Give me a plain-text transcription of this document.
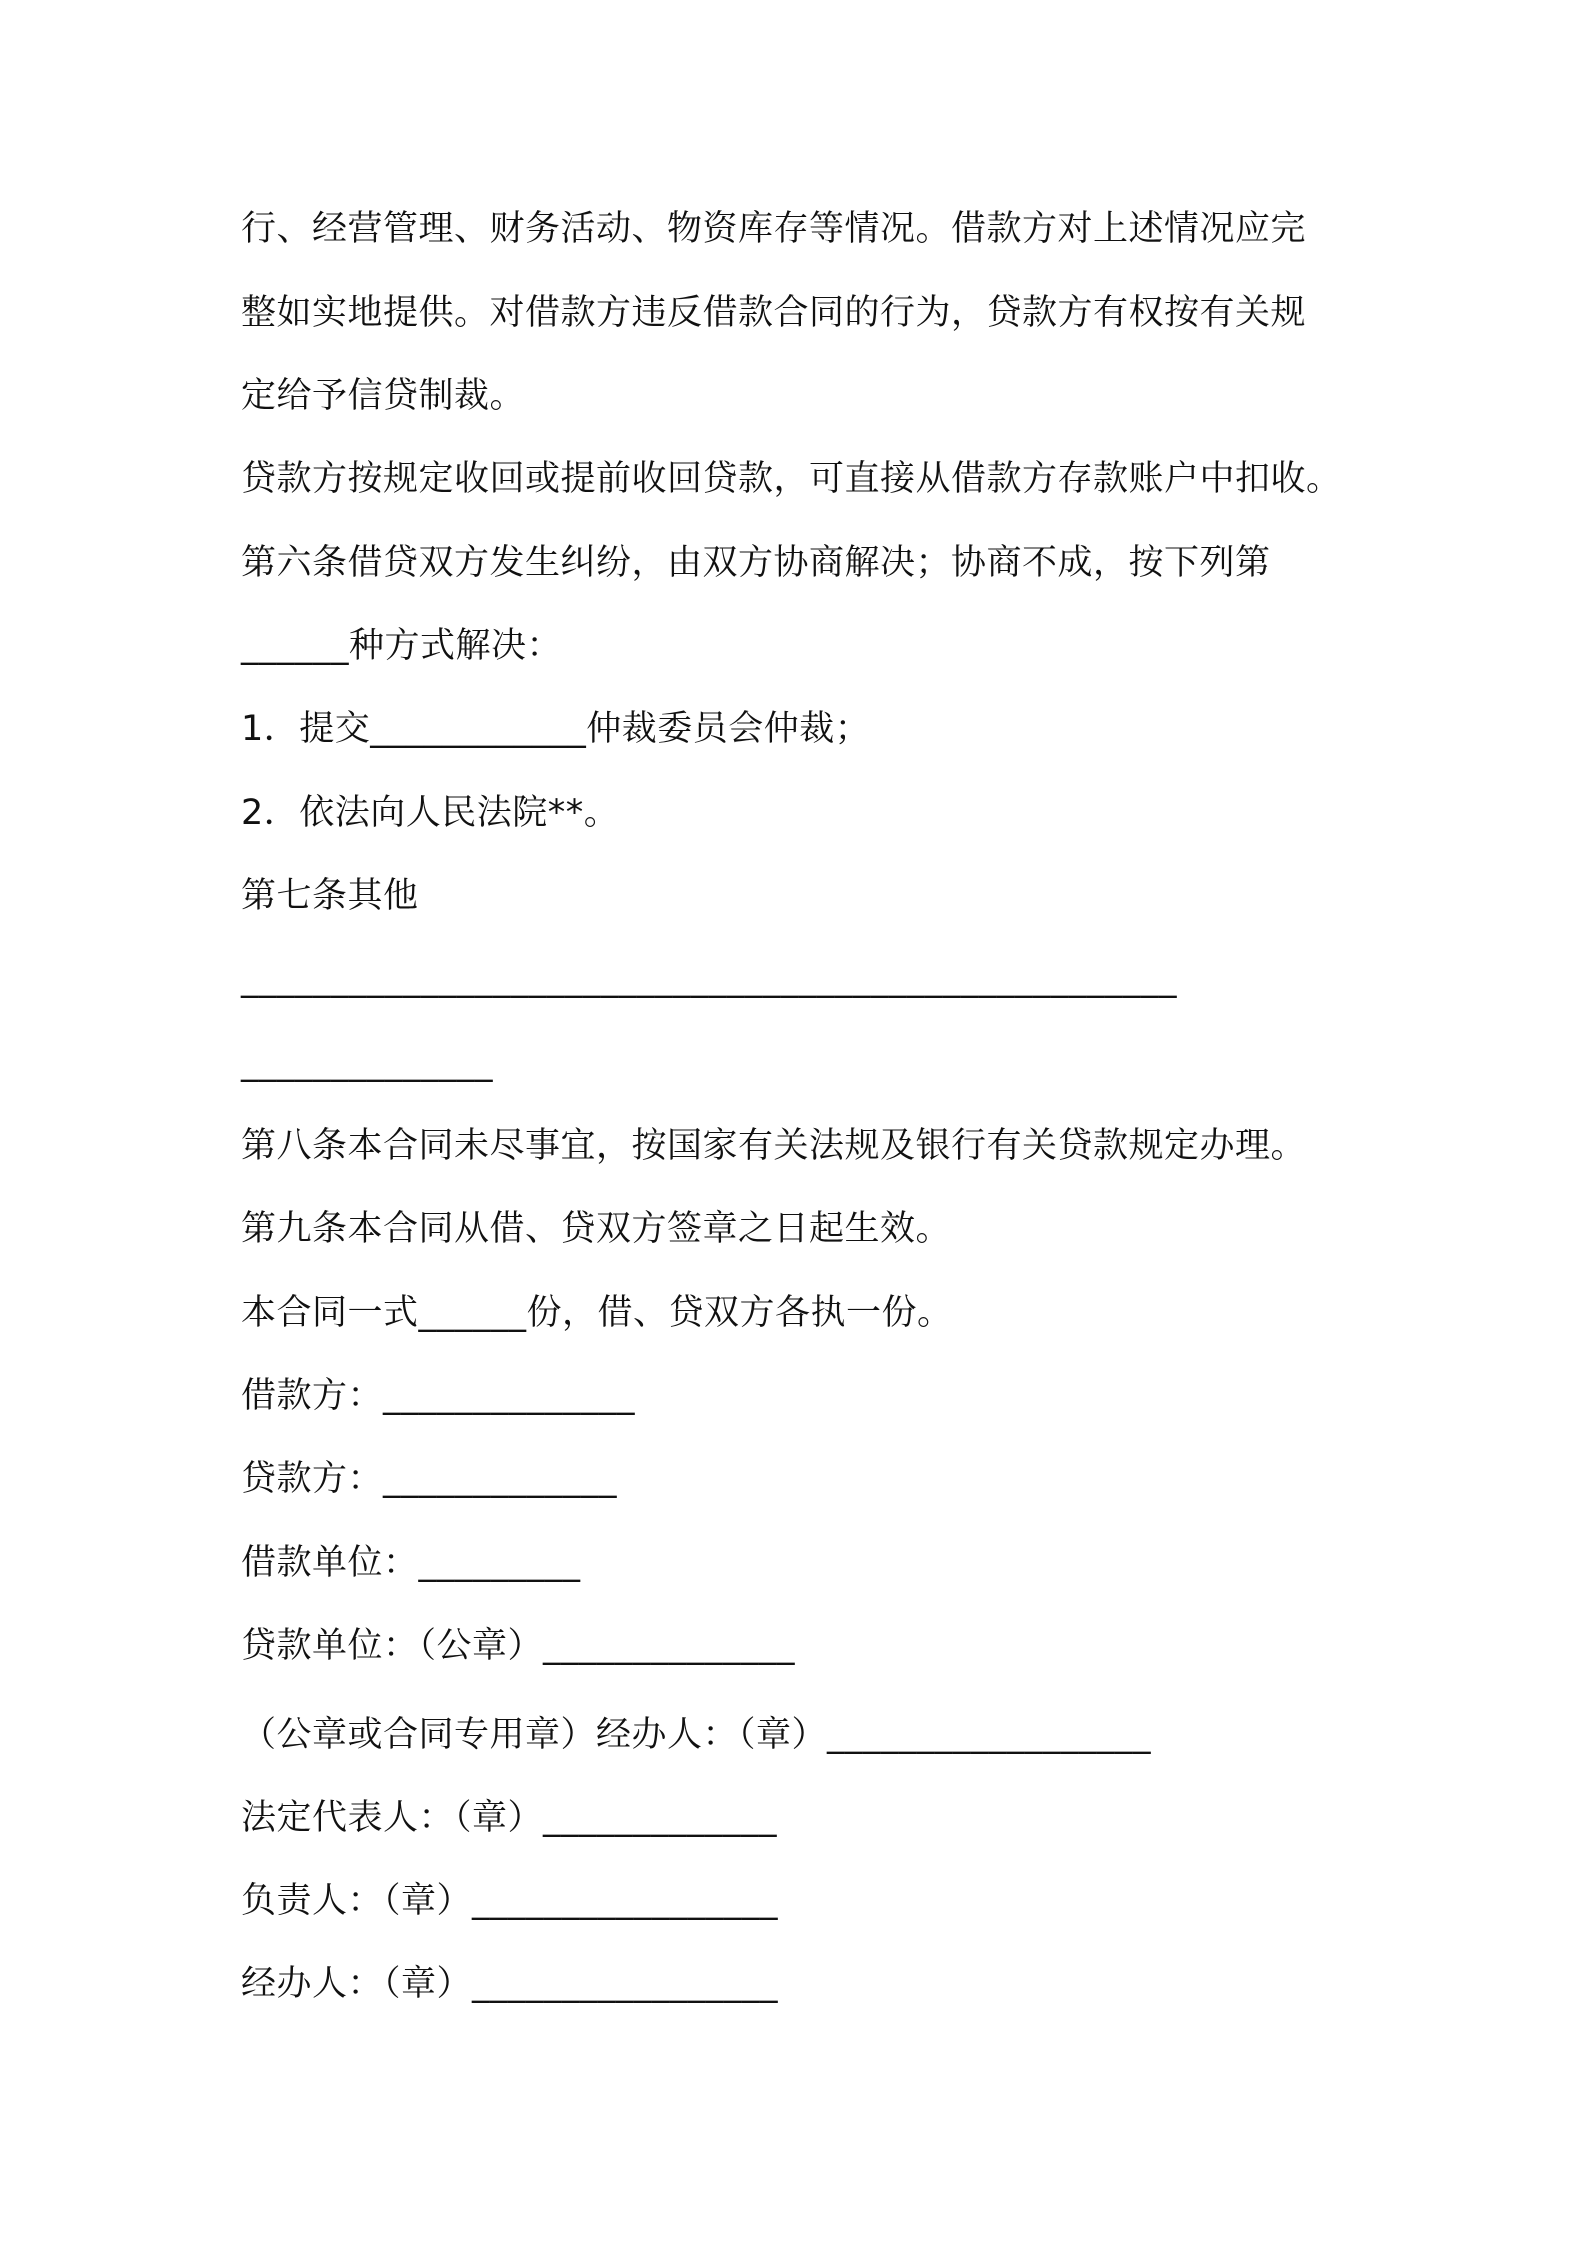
行、经营管理、财务活动、物资库存等情况。借款方对上述情况应完
整如实地提供。对借款方违反借款合同的行为，贷款方有权按有关规
定给予信贷制裁。
贷款方按规定收回或提前收回贷款，可直接从借款方存款账户中扣收。
第六条借贷双方发生纠纷，由双方协商解决；协商不成，按下列第
______种方式解决：
1．提交____________仲裁委员会仲裁；
2．依法向人民法院**。
第七条其他
____________________________________________________
______________
第八条本合同未尽事宜，按国家有关法规及银行有关贷款规定办理。
第九条本合同从借、贷双方签章之日起生效。
本合同一式______份，借、贷双方各执一份。
借款方：______________
贷款方：_____________
借款单位：_________
贷款单位：（公章）______________
（公章或合同专用章）经办人：（章）__________________
法定代表人：（章）_____________
负责人：（章）_________________
经办人：（章）_________________
